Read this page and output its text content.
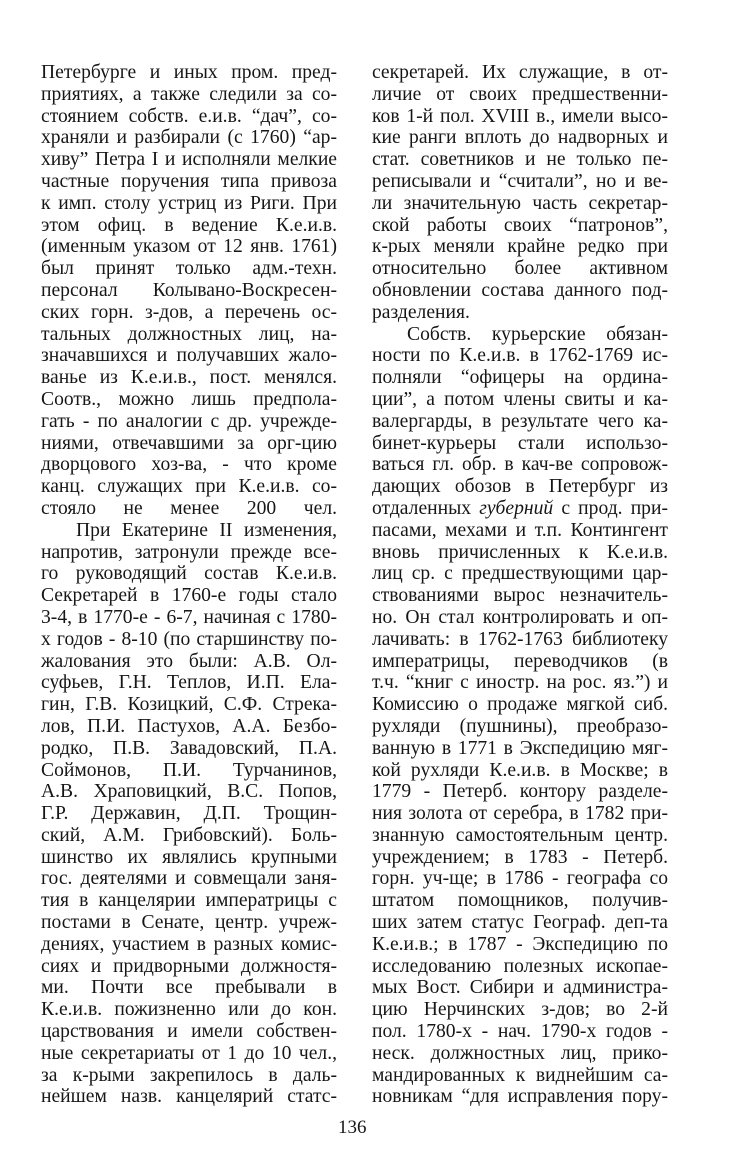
Петербурге и иных пром. пред-
приятиях, а также следили за со-
стоянием собств. е.и.в. “дач”, со-
храняли и разбирали (с 1760) “ар-
хиву” Петра I и исполняли мелкие
частные поручения типа привоза
к имп. столу устриц из Риги. При
этом офиц. в ведение К.е.и.в.
(именным указом от 12 янв. 1761)
был принят только адм.-техн.
персонал Колывано-Воскресен-
ских горн. з-дов, а перечень ос-
тальных должностных лиц, на-
значавшихся и получавших жало-
ванье из К.е.и.в., пост. менялся.
Соотв., можно лишь предпола-
гать - по аналогии с др. учрежде-
ниями, отвечавшими за орг-цию
дворцового хоз-ва, - что кроме
канц. служащих при К.е.и.в. со-
стояло не менее 200 чел.
При Екатерине II изменения,
напротив, затронули прежде все-
го руководящий состав К.е.и.в.
Секретарей в 1760-е годы стало
3-4, в 1770-е - 6-7, начиная с 1780-
х годов - 8-10 (по старшинству по-
жалования это были: А.В. Ол-
суфьев, Г.Н. Теплов, И.П. Ела-
гин, Г.В. Козицкий, С.Ф. Стрека-
лов, П.И. Пастухов, А.А. Безбо-
родко, П.В. Завадовский, П.А.
Соймонов, П.И. Турчанинов,
А.В. Храповицкий, В.С. Попов,
Г.Р. Державин, Д.П. Трощин-
ский, А.М. Грибовский). Боль-
шинство их являлись крупными
гос. деятелями и совмещали заня-
тия в канцелярии императрицы с
постами в Сенате, центр. учреж-
дениях, участием в разных комис-
сиях и придворными должностя-
ми. Почти все пребывали в
К.е.и.в. пожизненно или до кон.
царствования и имели собствен-
ные секретариаты от 1 до 10 чел.,
за к-рыми закрепилось в даль-
нейшем назв. канцелярий статс-
секретарей. Их служащие, в от-
личие от своих предшественни-
ков 1-й пол. XVIII в., имели высо-
кие ранги вплоть до надворных и
стат. советников и не только пе-
реписывали и “считали”, но и ве-
ли значительную часть секретар-
ской работы своих “патронов”,
к-рых меняли крайне редко при
относительно более активном
обновлении состава данного под-
разделения.
Собств. курьерские обязан-
ности по К.е.и.в. в 1762-1769 ис-
полняли “офицеры на ордина-
ции”, а потом члены свиты и ка-
валергарды, в результате чего ка-
бинет-курьеры стали использо-
ваться гл. обр. в кач-ве сопровож-
дающих обозов в Петербург из
отдаленных губерний с прод. при-
пасами, мехами и т.п. Контингент
вновь причисленных к К.е.и.в.
лиц ср. с предшествующими цар-
ствованиями вырос незначитель-
но. Он стал контролировать и оп-
лачивать: в 1762-1763 библиотеку
императрицы, переводчиков (в
т.ч. “книг с иностр. на рос. яз.”) и
Комиссию о продаже мягкой сиб.
рухляди (пушнины), преобразо-
ванную в 1771 в Экспедицию мяг-
кой рухляди К.е.и.в. в Москве; в
1779 - Петерб. контору разделе-
ния золота от серебра, в 1782 при-
знанную самостоятельным центр.
учреждением; в 1783 - Петерб.
горн. уч-ще; в 1786 - географа со
штатом помощников, получив-
ших затем статус Географ. деп-та
К.е.и.в.; в 1787 - Экспедицию по
исследованию полезных ископае-
мых Вост. Сибири и администра-
цию Нерчинских з-дов; во 2-й
пол. 1780-х - нач. 1790-х годов -
неск. должностных лиц, прико-
мандированных к виднейшим са-
новникам “для исправления пору-
136
